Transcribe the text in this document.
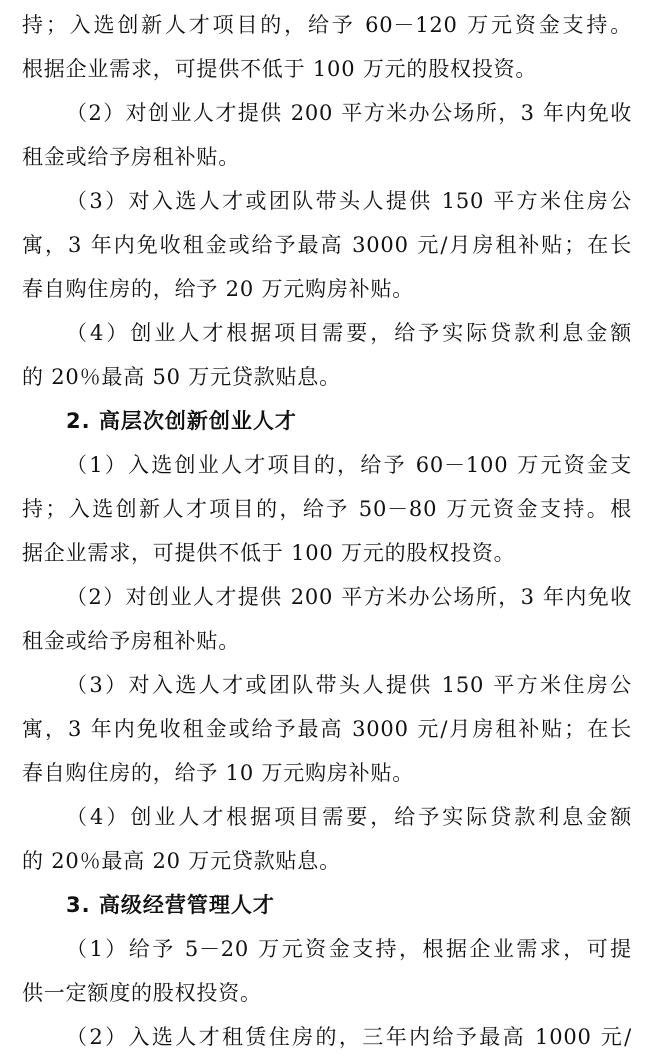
持；入选创新人才项目的，给予 60－120 万元资金支持。
根据企业需求，可提供不低于 100 万元的股权投资。
（2）对创业人才提供 200 平方米办公场所，3 年内免收
租金或给予房租补贴。
（3）对入选人才或团队带头人提供 150 平方米住房公
寓，3 年内免收租金或给予最高 3000 元/月房租补贴；在长
春自购住房的，给予 20 万元购房补贴。
（4）创业人才根据项目需要，给予实际贷款利息金额
的 20％最高 50 万元贷款贴息。
2. 高层次创新创业人才
（1）入选创业人才项目的，给予 60－100 万元资金支
持；入选创新人才项目的，给予 50－80 万元资金支持。根
据企业需求，可提供不低于 100 万元的股权投资。
（2）对创业人才提供 200 平方米办公场所，3 年内免收
租金或给予房租补贴。
（3）对入选人才或团队带头人提供 150 平方米住房公
寓，3 年内免收租金或给予最高 3000 元/月房租补贴；在长
春自购住房的，给予 10 万元购房补贴。
（4）创业人才根据项目需要，给予实际贷款利息金额
的 20％最高 20 万元贷款贴息。
3. 高级经营管理人才
（1）给予 5－20 万元资金支持，根据企业需求，可提
供一定额度的股权投资。
（2）入选人才租赁住房的，三年内给予最高 1000 元/
